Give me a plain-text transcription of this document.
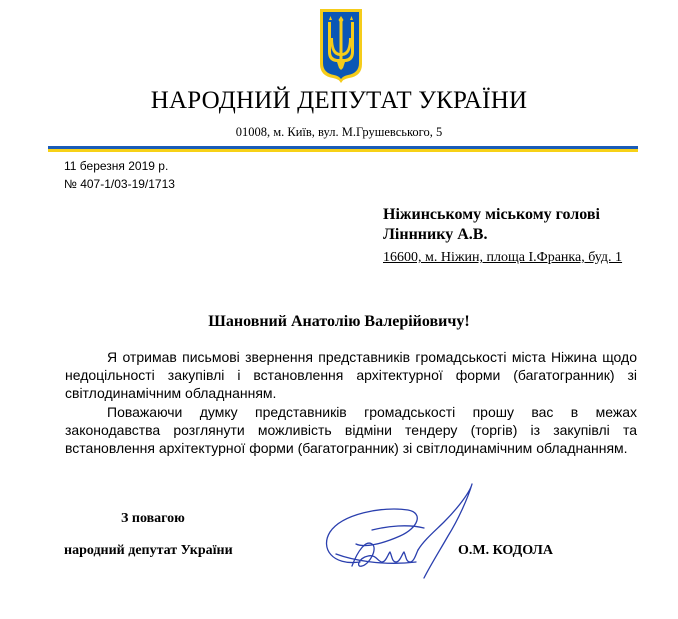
НАРОДНИЙ ДЕПУТАТ УКРАЇНИ
01008, м. Київ, вул. М.Грушевського, 5
11 березня 2019 р.
№ 407-1/03-19/1713
Ніжинському міському голові
Лінннику А.В.
16600, м. Ніжин, площа І.Франка, буд. 1
Шановний Анатолію Валерійовичу!

Я отримав письмові звернення представників громадськості міста Ніжина щодо недоцільності закупівлі і встановлення архітектурної форми (багатогранник) зі світлодинамічним обладнанням.

Поважаючи думку представників громадськості прошу вас в межах законодавства розглянути можливість відміни тендеру (торгів) із закупівлі та встановлення архітектурної форми (багатогранник) зі світлодинамічним обладнанням.

З повагою
народний депутат України	О.М. КОДОЛА
